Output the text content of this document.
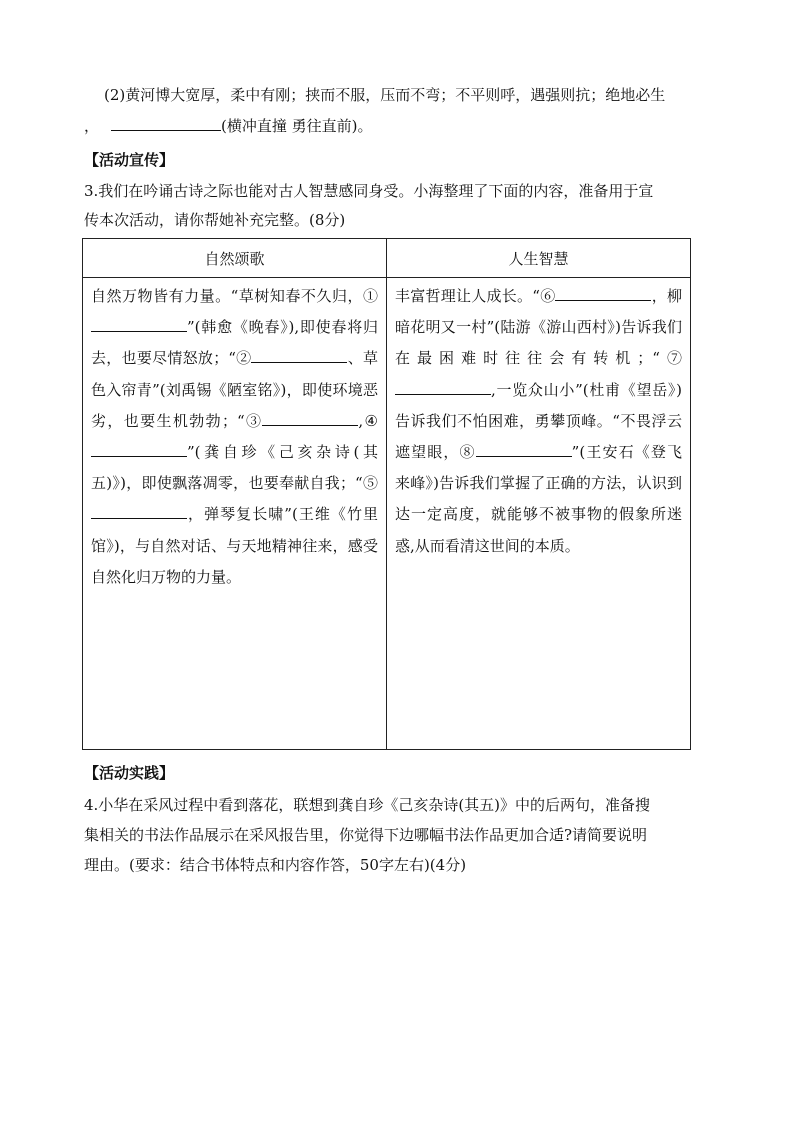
(2)黄河博大宽厚，柔中有刚；挟而不服，压而不弯；不平则呼，遇强则抗；绝地必生

，	(横冲直撞 勇往直前)。

【活动宣传】

3.我们在吟诵古诗之际也能对古人智慧感同身受。小海整理了下面的内容，准备用于宣

传本次活动，请你帮她补充完整。(8分)

自然颂歌	人生智慧

自然万物皆有力量。“草树知春不久归，①”(韩愈《晚春》),即使春将归去，也要尽情怒放；“② 、草色入帘青”(刘禹锡《陋室铭》)，即使环境恶劣，也要生机勃勃；“③ ,④”(龚自珍《己亥杂诗(其五)》)，即使飘落凋零，也要奉献自我；“⑤，弹琴复长啸”(王维《竹里馆》)，与自然对话、与天地精神往来，感受自然化归万物的力量。	丰富哲理让人成长。“⑥ ，柳暗花明又一村”(陆游《游山西村》)告诉我们在最困难时往往会有转机；“⑦,一览众山小”(杜甫《望岳》)告诉我们不怕困难，勇攀顶峰。“不畏浮云遮望眼，⑧ ”(王安石《登飞来峰》)告诉我们掌握了正确的方法，认识到达一定高度，就能够不被事物的假象所迷惑,从而看清这世间的本质。

【活动实践】

4.小华在采风过程中看到落花，联想到龚自珍《己亥杂诗(其五)》中的后两句，准备搜

集相关的书法作品展示在采风报告里，你觉得下边哪幅书法作品更加合适?请简要说明

理由。(要求：结合书体特点和内容作答，50字左右)(4分)
